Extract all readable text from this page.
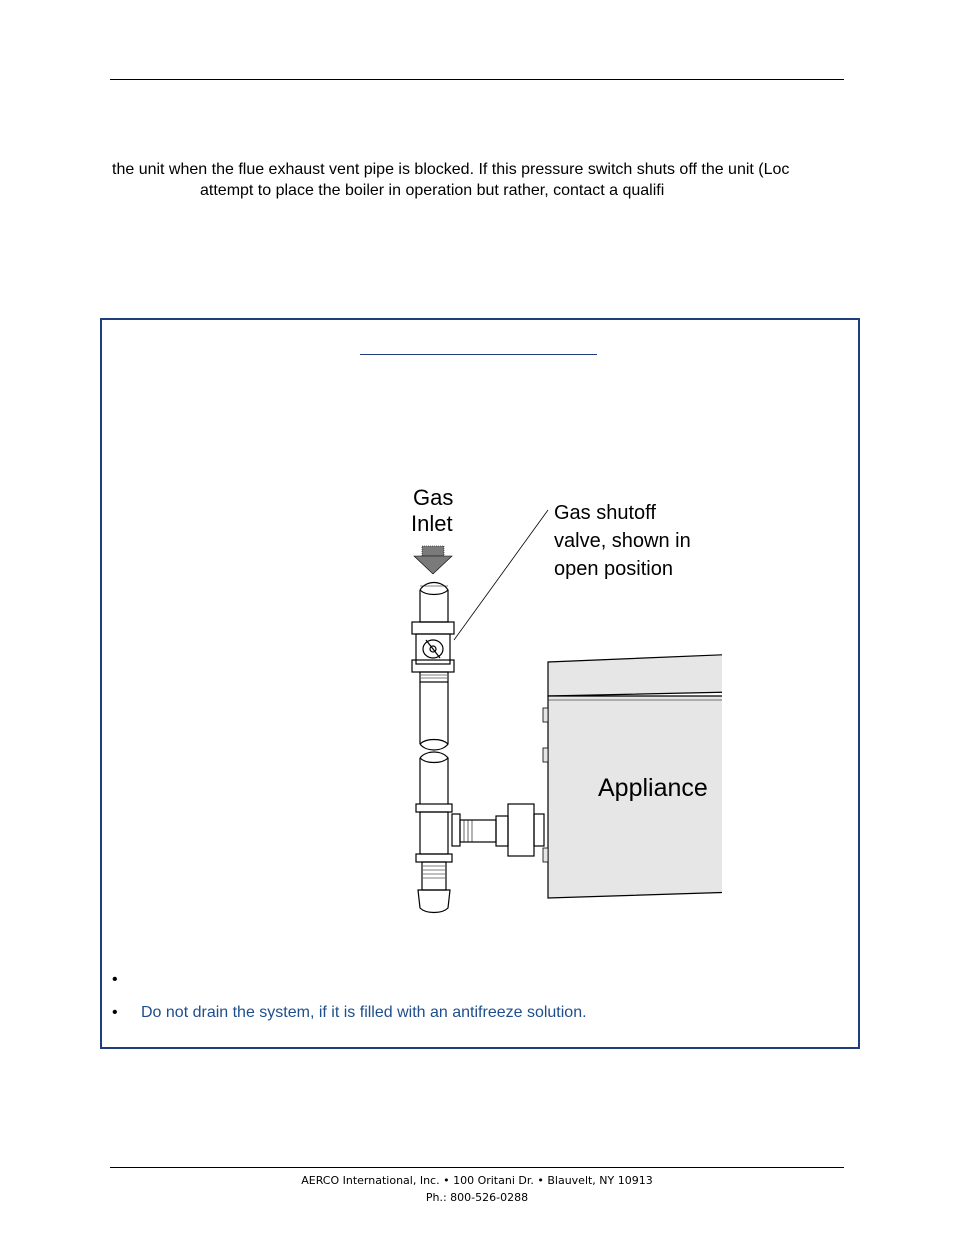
the unit when the flue exhaust vent pipe is blocked. If this pressure switch shuts off the unit (Loc
attempt to place the boiler in operation but rather, contact a qualifi
Gas
Inlet	Gas shutoff
valve, shown in
open position
Appliance
•
• Do not drain the system, if it is filled with an antifreeze solution.
AERCO International, Inc. • 100 Oritani Dr. • Blauvelt, NY 10913
Ph.: 800-526-0288
